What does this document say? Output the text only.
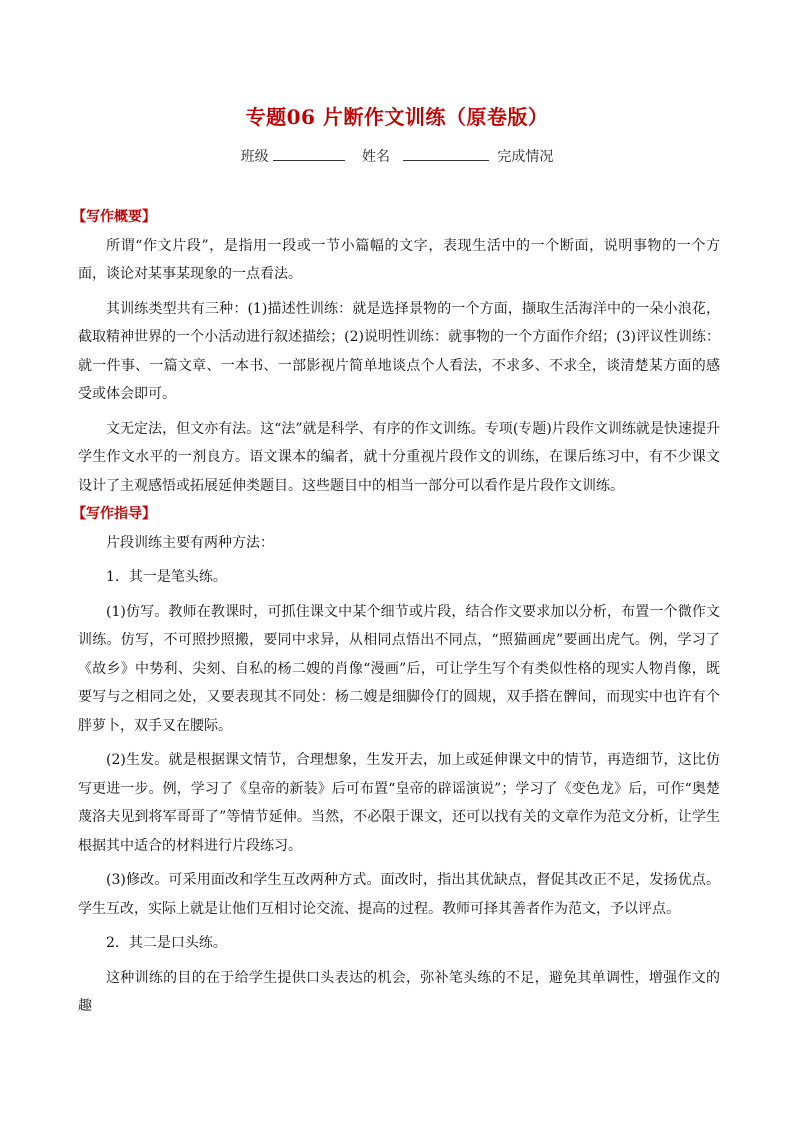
专题06 片断作文训练（原卷版）
班级	姓名	完成情况
【写作概要】

所谓“作文片段”，是指用一段或一节小篇幅的文字，表现生活中的一个断面，说明事物的一个方面，谈论对某事某现象的一点看法。

其训练类型共有三种：(1)描述性训练：就是选择景物的一个方面，撷取生活海洋中的一朵小浪花，截取精神世界的一个小活动进行叙述描绘；(2)说明性训练：就事物的一个方面作介绍；(3)评议性训练：就一件事、一篇文章、一本书、一部影视片简单地谈点个人看法，不求多、不求全，谈清楚某方面的感受或体会即可。

文无定法，但文亦有法。这“法”就是科学、有序的作文训练。专项(专题)片段作文训练就是快速提升学生作文水平的一剂良方。语文课本的编者，就十分重视片段作文的训练，在课后练习中，有不少课文设计了主观感悟或拓展延伸类题目。这些题目中的相当一部分可以看作是片段作文训练。

【写作指导】

片段训练主要有两种方法：

1．其一是笔头练。

(1)仿写。教师在教课时，可抓住课文中某个细节或片段，结合作文要求加以分析，布置一个微作文训练。仿写，不可照抄照搬，要同中求异，从相同点悟出不同点，“照猫画虎”要画出虎气。例，学习了《故乡》中势利、尖刻、自私的杨二嫂的肖像“漫画”后，可让学生写个有类似性格的现实人物肖像，既要写与之相同之处，又要表现其不同处：杨二嫂是细脚伶仃的圆规，双手搭在髀间，而现实中也许有个胖萝卜，双手叉在腰际。

(2)生发。就是根据课文情节，合理想象，生发开去，加上或延伸课文中的情节，再造细节，这比仿写更进一步。例，学习了《皇帝的新装》后可布置“皇帝的辟谣演说”；学习了《变色龙》后，可作“奥楚蔑洛夫见到将军哥哥了”等情节延伸。当然，不必限于课文，还可以找有关的文章作为范文分析，让学生根据其中适合的材料进行片段练习。

(3)修改。可采用面改和学生互改两种方式。面改时，指出其优缺点，督促其改正不足，发扬优点。学生互改，实际上就是让他们互相讨论交流、提高的过程。教师可择其善者作为范文，予以评点。

2．其二是口头练。

这种训练的目的在于给学生提供口头表达的机会，弥补笔头练的不足，避免其单调性，增强作文的趣
